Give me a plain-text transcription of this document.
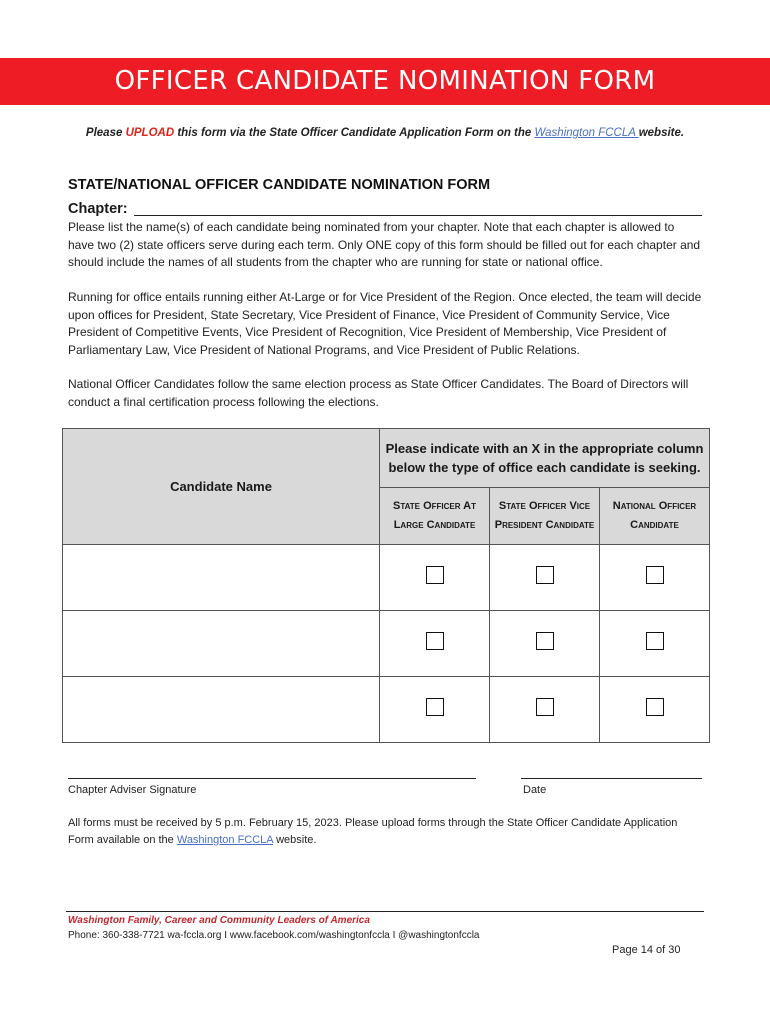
OFFICER CANDIDATE NOMINATION FORM
Please UPLOAD this form via the State Officer Candidate Application Form on the Washington FCCLA website.
STATE/NATIONAL OFFICER CANDIDATE NOMINATION FORM
Chapter:
Please list the name(s) of each candidate being nominated from your chapter. Note that each chapter is allowed to have two (2) state officers serve during each term. Only ONE copy of this form should be filled out for each chapter and should include the names of all students from the chapter who are running for state or national office.
Running for office entails running either At-Large or for Vice President of the Region. Once elected, the team will decide upon offices for President, State Secretary, Vice President of Finance, Vice President of Community Service, Vice President of Competitive Events, Vice President of Recognition, Vice President of Membership, Vice President of Parliamentary Law, Vice President of National Programs, and Vice President of Public Relations.
National Officer Candidates follow the same election process as State Officer Candidates. The Board of Directors will conduct a final certification process following the elections.
Candidate Name	Please indicate with an X in the appropriate column below the type of office each candidate is seeking.		
	State Officer At Large Candidate	State Officer Vice President Candidate	National Officer Candidate

Chapter Adviser Signature	Date
All forms must be received by 5 p.m. February 15, 2023. Please upload forms through the State Officer Candidate Application Form available on the Washington FCCLA website.
Washington Family, Career and Community Leaders of America
Phone: 360-338-7721 wa-fccla.org I www.facebook.com/washingtonfccla I @washingtonfccla
Page 14 of 30
